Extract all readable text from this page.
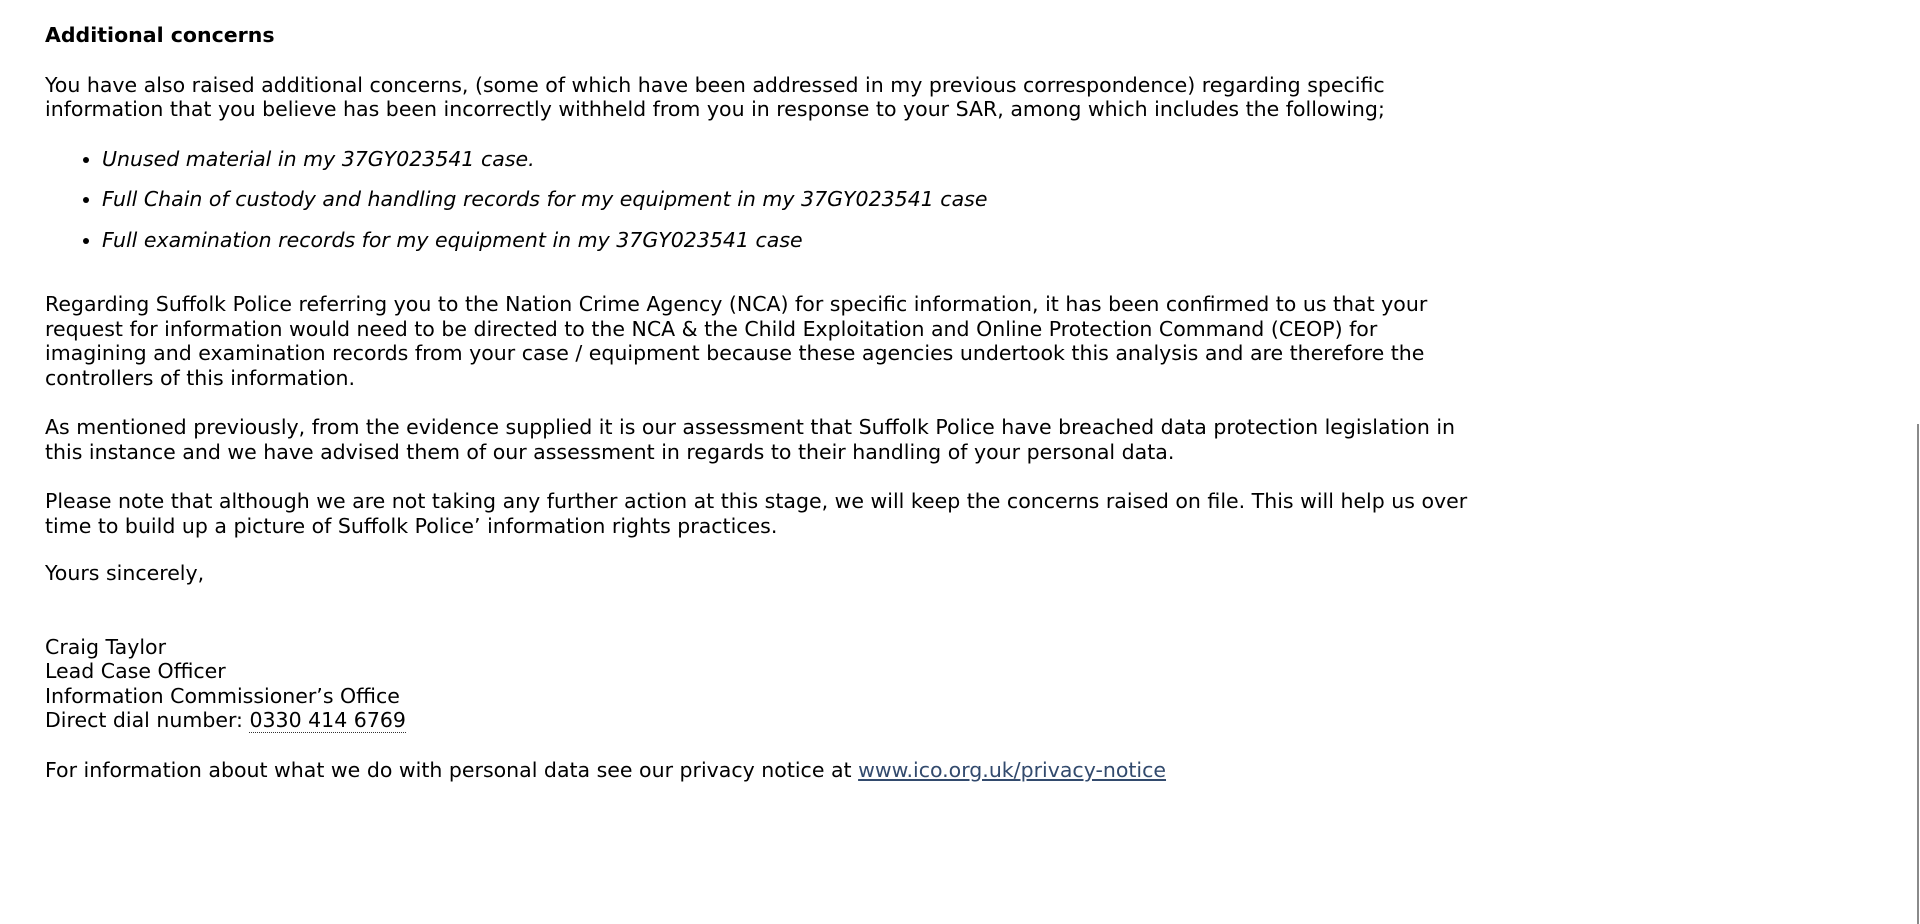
Additional concerns

You have also raised additional concerns, (some of which have been addressed in my previous correspondence) regarding specific information that you believe has been incorrectly withheld from you in response to your SAR, among which includes the following;

• Unused material in my 37GY023541 case.
• Full Chain of custody and handling records for my equipment in my 37GY023541 case
• Full examination records for my equipment in my 37GY023541 case

Regarding Suffolk Police referring you to the Nation Crime Agency (NCA) for specific information, it has been confirmed to us that your request for information would need to be directed to the NCA & the Child Exploitation and Online Protection Command (CEOP) for imagining and examination records from your case / equipment because these agencies undertook this analysis and are therefore the controllers of this information.

As mentioned previously, from the evidence supplied it is our assessment that Suffolk Police have breached data protection legislation in this instance and we have advised them of our assessment in regards to their handling of your personal data.

Please note that although we are not taking any further action at this stage, we will keep the concerns raised on file. This will help us over time to build up a picture of Suffolk Police’ information rights practices.

Yours sincerely,
Craig Taylor
Lead Case Officer
Information Commissioner’s Office
Direct dial number: 0330 414 6769

For information about what we do with personal data see our privacy notice at www.ico.org.uk/privacy-notice
